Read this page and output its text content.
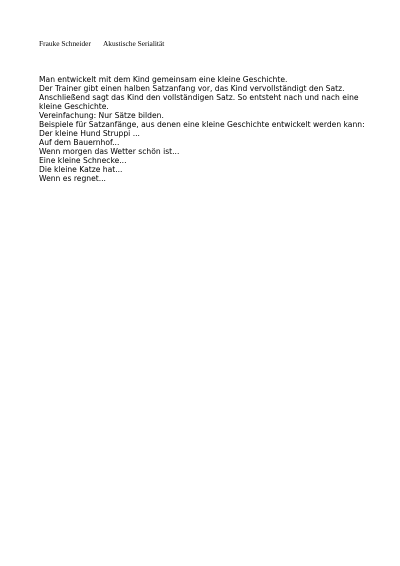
Frauke Schneider Akustische Serialität

Man entwickelt mit dem Kind gemeinsam eine kleine Geschichte.

Der Trainer gibt einen halben Satzanfang vor, das Kind vervollständigt den Satz. Anschließend sagt das Kind den vollständigen Satz. So entsteht nach und nach eine kleine Geschichte.

Vereinfachung: Nur Sätze bilden.

Beispiele für Satzanfänge, aus denen eine kleine Geschichte entwickelt werden kann:

Der kleine Hund Struppi ...

Auf dem Bauernhof...

Wenn morgen das Wetter schön ist...

Eine kleine Schnecke...

Die kleine Katze hat...

Wenn es regnet...
